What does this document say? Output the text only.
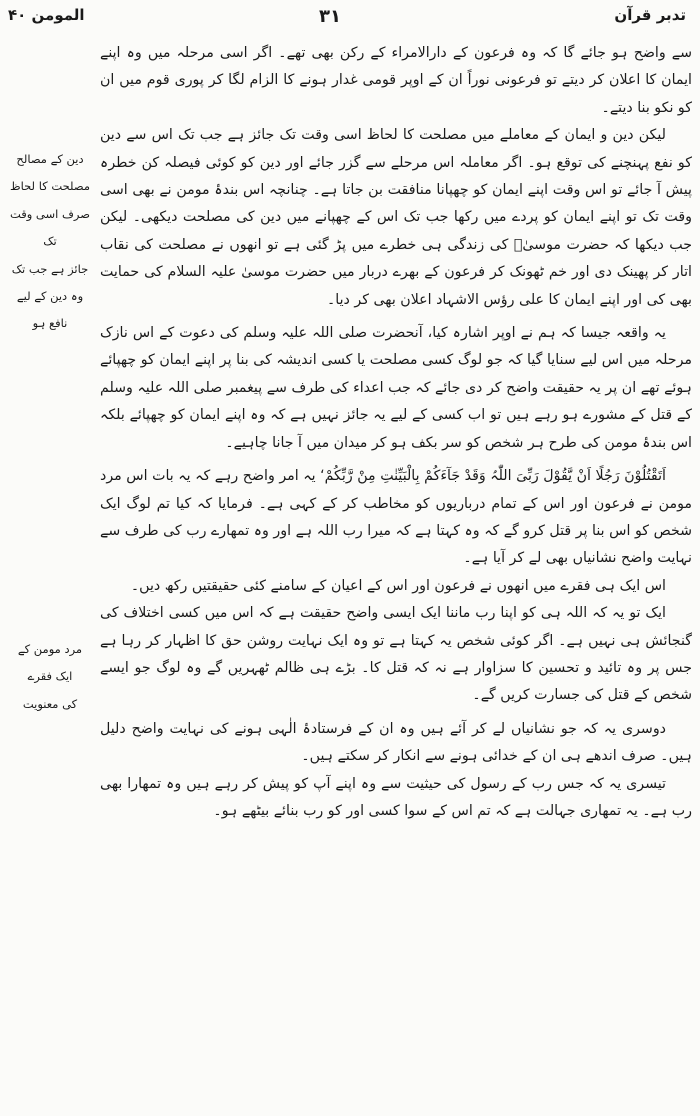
تدبر قرآن
۳۱
المومن ۴۰
دین کے مصالح
مصلحت کا لحاظ
صرف اسی وقت تک
جائز ہے جب تک
وہ دین کے لیے
نافع ہو
مرد مومن کے
ایک فقرے
کی معنویت

سے واضح ہو جائے گا کہ وہ فرعون کے دارالامراء کے رکن بھی تھے۔ اگر اسی مرحلہ میں وہ اپنے ایمان کا اعلان کر دیتے تو فرعونی نوراً ان کے اوپر قومی غدار ہونے کا الزام لگا کر پوری قوم میں ان کو نکو بنا دیتے۔

لیکن دین و ایمان کے معاملے میں مصلحت کا لحاظ اسی وقت تک جائز ہے جب تک اس سے دین کو نفع پہنچنے کی توقع ہو۔ اگر معاملہ اس مرحلے سے گزر جائے اور دین کو کوئی فیصلہ کن خطرہ پیش آ جائے تو اس وقت اپنے ایمان کو چھپانا منافقت بن جاتا ہے۔ چنانچہ اس بندۂ مومن نے بھی اسی وقت تک تو اپنے ایمان کو پردے میں رکھا جب تک اس کے چھپانے میں دین کی مصلحت دیکھی۔ لیکن جب دیکھا کہ حضرت موسیٰؑ کی زندگی ہی خطرے میں پڑ گئی ہے تو انھوں نے مصلحت کی نقاب اتار کر پھینک دی اور خم ٹھونک کر فرعون کے بھرے دربار میں حضرت موسیٰ علیہ السلام کی حمایت بھی کی اور اپنے ایمان کا علی رؤس الاشہاد اعلان بھی کر دیا۔

یہ واقعہ جیسا کہ ہم نے اوپر اشارہ کیا، آنحضرت صلی اللہ علیہ وسلم کی دعوت کے اس نازک مرحلہ میں اس لیے سنایا گیا کہ جو لوگ کسی مصلحت یا کسی اندیشہ کی بنا پر اپنے ایمان کو چھپائے ہوئے تھے ان پر یہ حقیقت واضح کر دی جائے کہ جب اعداء کی طرف سے پیغمبر صلی اللہ علیہ وسلم کے قتل کے مشورے ہو رہے ہیں تو اب کسی کے لیے یہ جائز نہیں ہے کہ وہ اپنے ایمان کو چھپائے بلکہ اس بندۂ مومن کی طرح ہر شخص کو سر بکف ہو کر میدان میں آ جانا چاہیے۔

اَتَقْتُلُوْنَ رَجُلًا اَنْ یَّقُوْلَ رَبِّیَ اللّٰہُ وَقَدْ جَآءَکُمْ بِالْبَیِّنٰتِ مِنْ رَّبِّکُمْ‘ یہ امر واضح رہے کہ یہ بات اس مرد مومن نے فرعون اور اس کے تمام درباریوں کو مخاطب کر کے کہی ہے۔ فرمایا کہ کیا تم لوگ ایک شخص کو اس بنا پر قتل کرو گے کہ وہ کہتا ہے کہ میرا رب اللہ ہے اور وہ تمھارے رب کی طرف سے نہایت واضح نشانیاں بھی لے کر آیا ہے۔

اس ایک ہی فقرے میں انھوں نے فرعون اور اس کے اعیان کے سامنے کئی حقیقتیں رکھ دیں۔

ایک تو یہ کہ اللہ ہی کو اپنا رب ماننا ایک ایسی واضح حقیقت ہے کہ اس میں کسی اختلاف کی گنجائش ہی نہیں ہے۔ اگر کوئی شخص یہ کہتا ہے تو وہ ایک نہایت روشن حق کا اظہار کر رہا ہے جس پر وہ تائید و تحسین کا سزاوار ہے نہ کہ قتل کا۔ بڑے ہی ظالم ٹھہریں گے وہ لوگ جو ایسے شخص کے قتل کی جسارت کریں گے۔

دوسری یہ کہ جو نشانیاں لے کر آئے ہیں وہ ان کے فرستادۂ الٰہی ہونے کی نہایت واضح دلیل ہیں۔ صرف اندھے ہی ان کے خدائی ہونے سے انکار کر سکتے ہیں۔

تیسری یہ کہ جس رب کے رسول کی حیثیت سے وہ اپنے آپ کو پیش کر رہے ہیں وہ تمھارا بھی رب ہے۔ یہ تمھاری جہالت ہے کہ تم اس کے سوا کسی اور کو رب بنائے بیٹھے ہو۔
